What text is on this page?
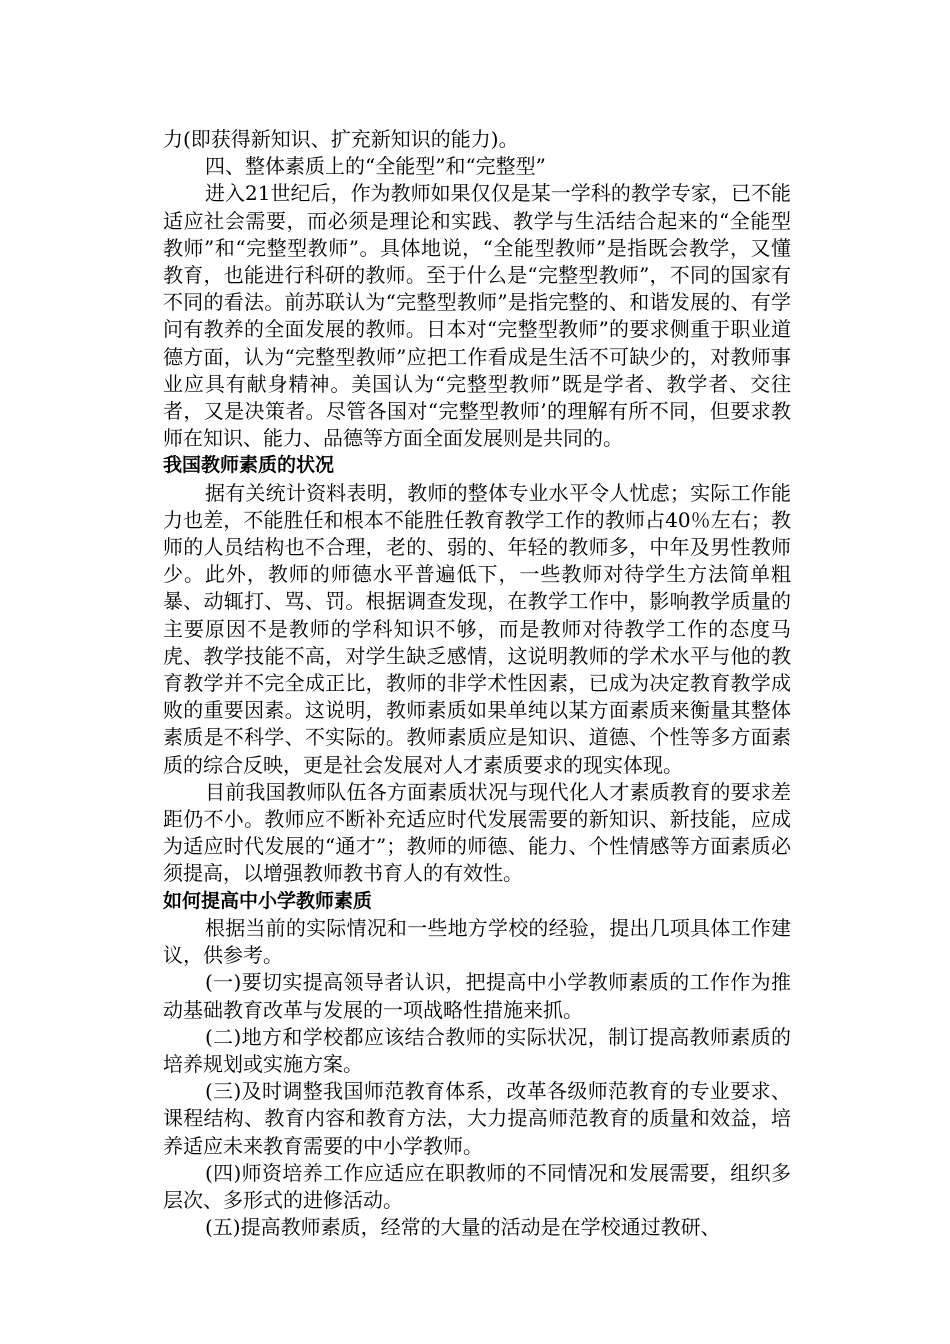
力(即获得新知识、扩充新知识的能力)。

四、整体素质上的“全能型”和“完整型”

进入21世纪后，作为教师如果仅仅是某一学科的教学专家，已不能适应社会需要，而必须是理论和实践、教学与生活结合起来的“全能型教师”和“完整型教师”。具体地说，“全能型教师”是指既会教学，又懂教育，也能进行科研的教师。至于什么是“完整型教师”，不同的国家有不同的看法。前苏联认为“完整型教师”是指完整的、和谐发展的、有学问有教养的全面发展的教师。日本对“完整型教师”的要求侧重于职业道德方面，认为“完整型教师”应把工作看成是生活不可缺少的，对教师事业应具有献身精神。美国认为“完整型教师”既是学者、教学者、交往者，又是决策者。尽管各国对“完整型教师’的理解有所不同，但要求教师在知识、能力、品德等方面全面发展则是共同的。

我国教师素质的状况

据有关统计资料表明，教师的整体专业水平令人忧虑；实际工作能力也差，不能胜任和根本不能胜任教育教学工作的教师占40％左右；教师的人员结构也不合理，老的、弱的、年轻的教师多，中年及男性教师少。此外，教师的师德水平普遍低下，一些教师对待学生方法简单粗暴、动辄打、骂、罚。根据调查发现，在教学工作中，影响教学质量的主要原因不是教师的学科知识不够，而是教师对待教学工作的态度马虎、教学技能不高，对学生缺乏感情，这说明教师的学术水平与他的教育教学并不完全成正比，教师的非学术性因素，已成为决定教育教学成败的重要因素。这说明，教师素质如果单纯以某方面素质来衡量其整体素质是不科学、不实际的。教师素质应是知识、道德、个性等多方面素质的综合反映，更是社会发展对人才素质要求的现实体现。

目前我国教师队伍各方面素质状况与现代化人才素质教育的要求差距仍不小。教师应不断补充适应时代发展需要的新知识、新技能，应成为适应时代发展的“通才”；教师的师德、能力、个性情感等方面素质必须提高，以增强教师教书育人的有效性。

如何提高中小学教师素质

根据当前的实际情况和一些地方学校的经验，提出几项具体工作建议，供参考。

(一)要切实提高领导者认识，把提高中小学教师素质的工作作为推动基础教育改革与发展的一项战略性措施来抓。

(二)地方和学校都应该结合教师的实际状况，制订提高教师素质的培养规划或实施方案。

(三)及时调整我国师范教育体系，改革各级师范教育的专业要求、课程结构、教育内容和教育方法，大力提高师范教育的质量和效益，培养适应未来教育需要的中小学教师。

(四)师资培养工作应适应在职教师的不同情况和发展需要，组织多层次、多形式的进修活动。

(五)提高教师素质，经常的大量的活动是在学校通过教研、
